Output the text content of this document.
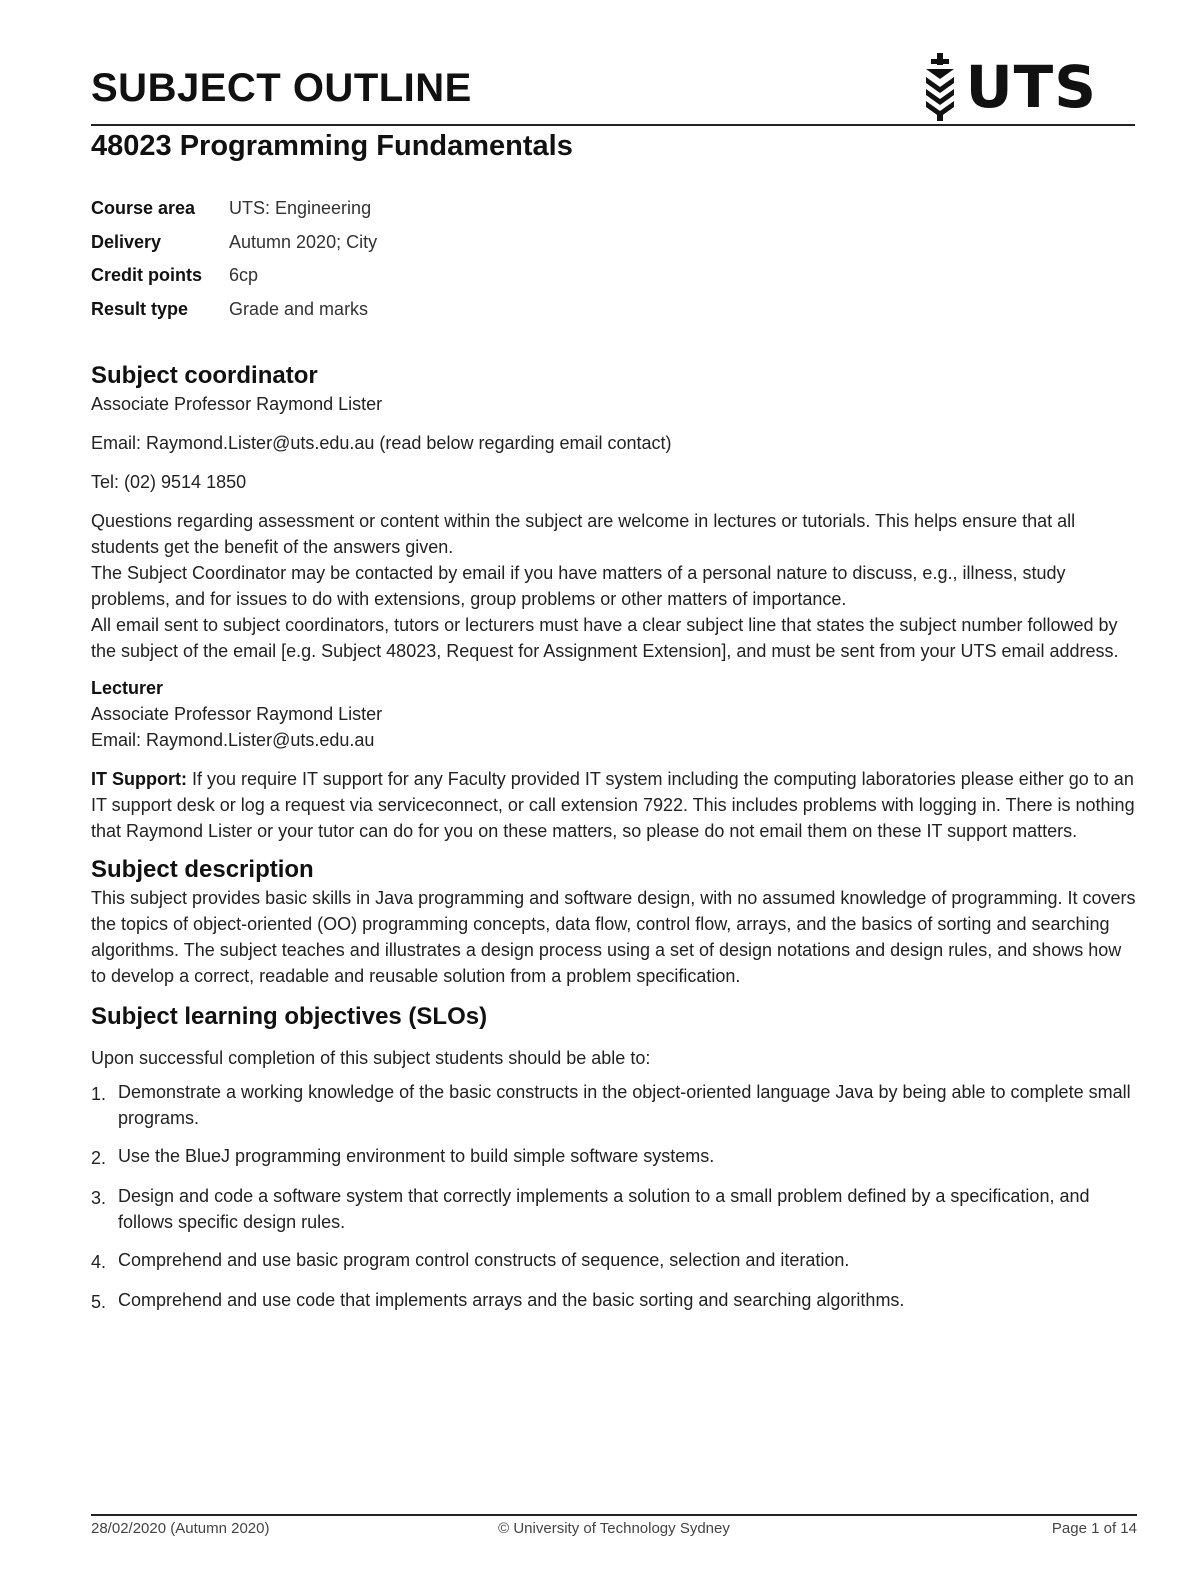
SUBJECT OUTLINE	UTS
48023 Programming Fundamentals
Course area	UTS: Engineering
Delivery	Autumn 2020; City
Credit points	6cp
Result type	Grade and marks
Subject coordinator

Associate Professor Raymond Lister

Email: Raymond.Lister@uts.edu.au (read below regarding email contact)

Tel: (02) 9514 1850

Questions regarding assessment or content within the subject are welcome in lectures or tutorials. This helps ensure that all students get the benefit of the answers given.

The Subject Coordinator may be contacted by email if you have matters of a personal nature to discuss, e.g., illness, study problems, and for issues to do with extensions, group problems or other matters of importance.

All email sent to subject coordinators, tutors or lecturers must have a clear subject line that states the subject number followed by the subject of the email [e.g. Subject 48023, Request for Assignment Extension], and must be sent from your UTS email address.

Lecturer

Associate Professor Raymond Lister

Email: Raymond.Lister@uts.edu.au

IT Support: If you require IT support for any Faculty provided IT system including the computing laboratories please either go to an IT support desk or log a request via serviceconnect, or call extension 7922. This includes problems with logging in. There is nothing that Raymond Lister or your tutor can do for you on these matters, so please do not email them on these IT support matters.

Subject description

This subject provides basic skills in Java programming and software design, with no assumed knowledge of programming. It covers the topics of object-oriented (OO) programming concepts, data flow, control flow, arrays, and the basics of sorting and searching algorithms. The subject teaches and illustrates a design process using a set of design notations and design rules, and shows how to develop a correct, readable and reusable solution from a problem specification.

Subject learning objectives (SLOs)

Upon successful completion of this subject students should be able to:

1. Demonstrate a working knowledge of the basic constructs in the object-oriented language Java by being able to complete small programs.
2. Use the BlueJ programming environment to build simple software systems.
3. Design and code a software system that correctly implements a solution to a small problem defined by a specification, and follows specific design rules.
4. Comprehend and use basic program control constructs of sequence, selection and iteration.
5. Comprehend and use code that implements arrays and the basic sorting and searching algorithms.
28/02/2020 (Autumn 2020)	© University of Technology Sydney	Page 1 of 14
